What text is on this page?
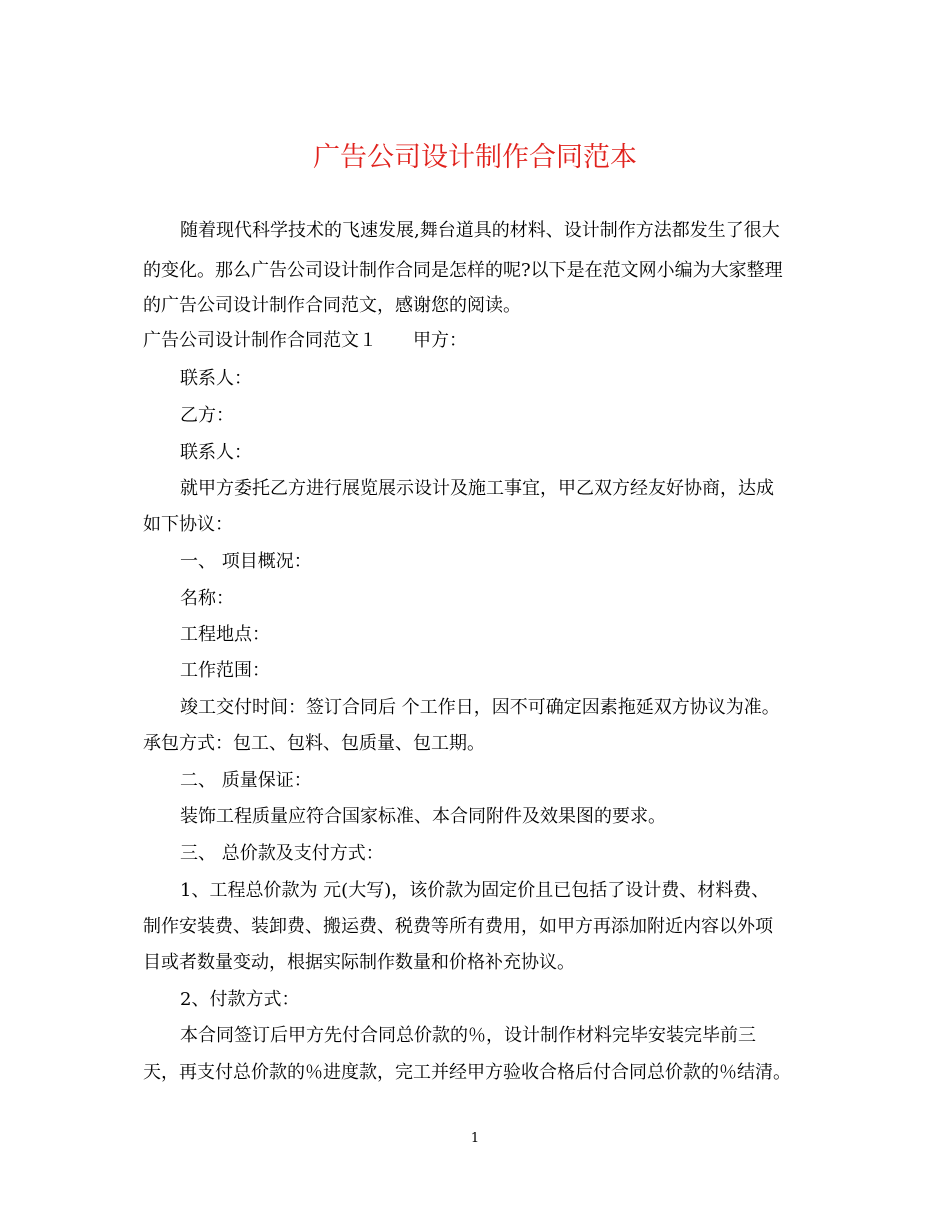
广告公司设计制作合同范本
随着现代科学技术的飞速发展,舞台道具的材料、设计制作方法都发生了很大
的变化。那么广告公司设计制作合同是怎样的呢?以下是在范文网小编为大家整理
的广告公司设计制作合同范文，感谢您的阅读。
广告公司设计制作合同范文１　　甲方：
联系人：
乙方：
联系人：
就甲方委托乙方进行展览展示设计及施工事宜，甲乙双方经友好协商，达成
如下协议：
一、 项目概况：
名称：
工程地点：
工作范围：
竣工交付时间：签订合同后 个工作日，因不可确定因素拖延双方协议为准。
承包方式：包工、包料、包质量、包工期。
二、 质量保证：
装饰工程质量应符合国家标准、本合同附件及效果图的要求。
三、 总价款及支付方式：
1、工程总价款为 元(大写)，该价款为固定价且已包括了设计费、材料费、
制作安装费、装卸费、搬运费、税费等所有费用，如甲方再添加附近内容以外项
目或者数量变动，根据实际制作数量和价格补充协议。
2、付款方式：
本合同签订后甲方先付合同总价款的％，设计制作材料完毕安装完毕前三
天，再支付总价款的％进度款，完工并经甲方验收合格后付合同总价款的％结清。
1
